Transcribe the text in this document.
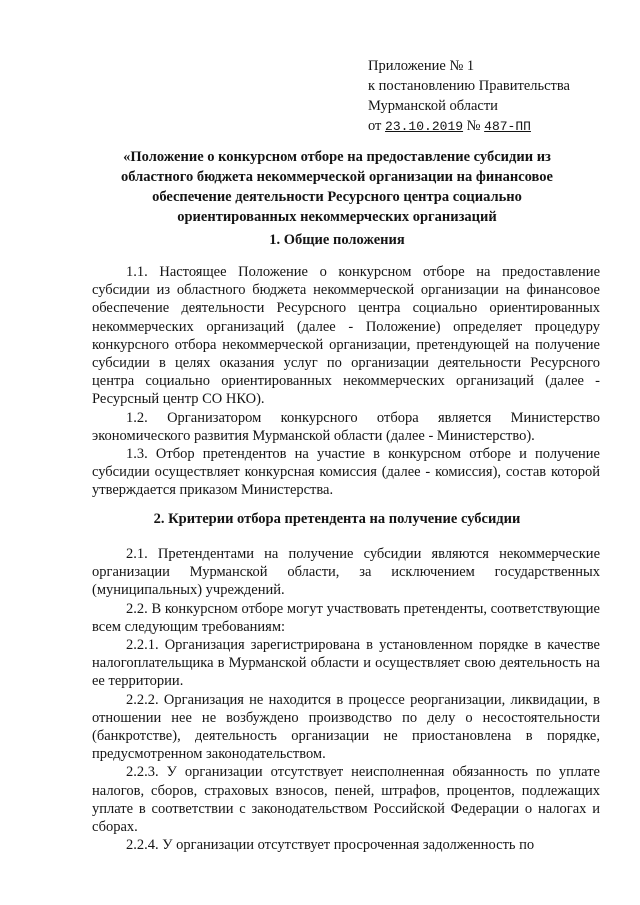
Приложение № 1
к постановлению Правительства
Мурманской области
от 23.10.2019 № 487-ПП
«Положение о конкурсном отборе на предоставление субсидии из областного бюджета некоммерческой организации на финансовое обеспечение деятельности Ресурсного центра социально ориентированных некоммерческих организаций
1. Общие положения

1.1. Настоящее Положение о конкурсном отборе на предоставление субсидии из областного бюджета некоммерческой организации на финансовое обеспечение деятельности Ресурсного центра социально ориентированных некоммерческих организаций (далее - Положение) определяет процедуру конкурсного отбора некоммерческой организации, претендующей на получение субсидии в целях оказания услуг по организации деятельности Ресурсного центра социально ориентированных некоммерческих организаций (далее - Ресурсный центр СО НКО).

1.2. Организатором конкурсного отбора является Министерство экономического развития Мурманской области (далее - Министерство).

1.3. Отбор претендентов на участие в конкурсном отборе и получение субсидии осуществляет конкурсная комиссия (далее - комиссия), состав которой утверждается приказом Министерства.

2. Критерии отбора претендента на получение субсидии

2.1. Претендентами на получение субсидии являются некоммерческие организации Мурманской области, за исключением государственных (муниципальных) учреждений.

2.2. В конкурсном отборе могут участвовать претенденты, соответствующие всем следующим требованиям:

2.2.1. Организация зарегистрирована в установленном порядке в качестве налогоплательщика в Мурманской области и осуществляет свою деятельность на ее территории.

2.2.2. Организация не находится в процессе реорганизации, ликвидации, в отношении нее не возбуждено производство по делу о несостоятельности (банкротстве), деятельность организации не приостановлена в порядке, предусмотренном законодательством.

2.2.3. У организации отсутствует неисполненная обязанность по уплате налогов, сборов, страховых взносов, пеней, штрафов, процентов, подлежащих уплате в соответствии с законодательством Российской Федерации о налогах и сборах.

2.2.4. У организации отсутствует просроченная задолженность по
